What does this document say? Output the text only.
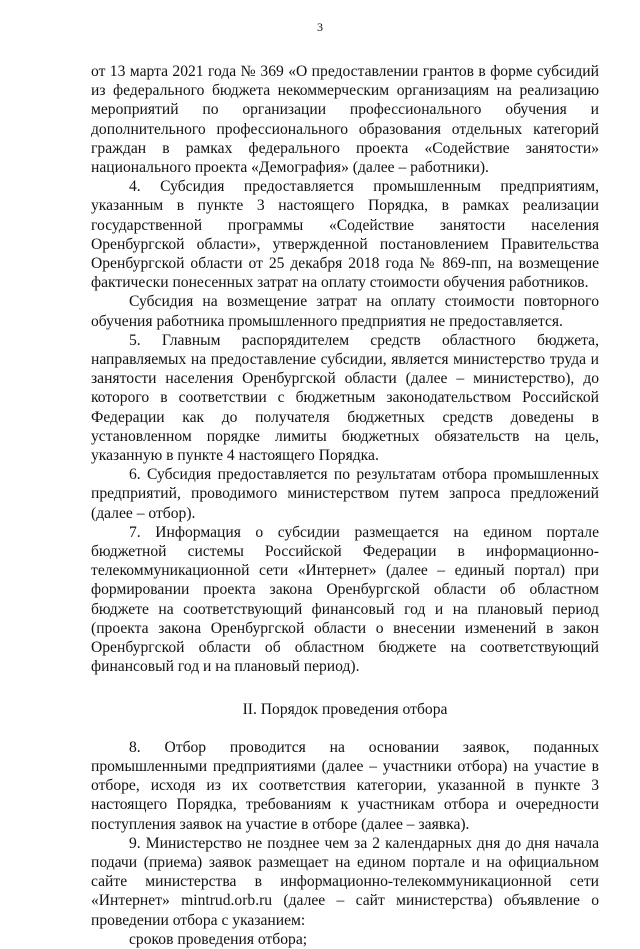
3

от 13 марта 2021 года № 369 «О предоставлении грантов в форме субсидий из федерального бюджета некоммерческим организациям на реализацию мероприятий по организации профессионального обучения и дополнительного профессионального образования отдельных категорий граждан в рамках федерального проекта «Содействие занятости» национального проекта «Демография» (далее – работники).

4. Субсидия предоставляется промышленным предприятиям, указанным в пункте 3 настоящего Порядка, в рамках реализации государственной программы «Содействие занятости населения Оренбургской области», утвержденной постановлением Правительства Оренбургской области от 25 декабря 2018 года № 869-пп, на возмещение фактически понесенных затрат на оплату стоимости обучения работников.

Субсидия на возмещение затрат на оплату стоимости повторного обучения работника промышленного предприятия не предоставляется.

5. Главным распорядителем средств областного бюджета, направляемых на предоставление субсидии, является министерство труда и занятости населения Оренбургской области (далее – министерство), до которого в соответствии с бюджетным законодательством Российской Федерации как до получателя бюджетных средств доведены в установленном порядке лимиты бюджетных обязательств на цель, указанную в пункте 4 настоящего Порядка.

6. Субсидия предоставляется по результатам отбора промышленных предприятий, проводимого министерством путем запроса предложений (далее – отбор).

7. Информация о субсидии размещается на едином портале бюджетной системы Российской Федерации в информационно-телекоммуникационной сети «Интернет» (далее – единый портал) при формировании проекта закона Оренбургской области об областном бюджете на соответствующий финансовый год и на плановый период (проекта закона Оренбургской области о внесении изменений в закон Оренбургской области об областном бюджете на соответствующий финансовый год и на плановый период).

II. Порядок проведения отбора

8. Отбор проводится на основании заявок, поданных промышленными предприятиями (далее – участники отбора) на участие в отборе, исходя из их соответствия категории, указанной в пункте 3 настоящего Порядка, требованиям к участникам отбора и очередности поступления заявок на участие в отборе (далее – заявка).

9. Министерство не позднее чем за 2 календарных дня до дня начала подачи (приема) заявок размещает на едином портале и на официальном сайте министерства в информационно-телекоммуникационной сети «Интернет» mintrud.orb.ru (далее – сайт министерства) объявление о проведении отбора с указанием:

сроков проведения отбора;
